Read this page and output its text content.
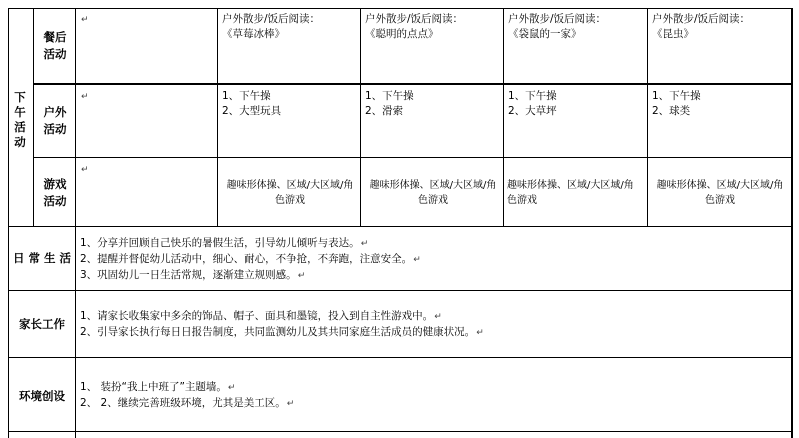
下午活动
餐后活动
户外活动
游戏活动
↵	户外散步/饭后阅读：
《草莓冰棒》
户外散步/饭后阅读：
《聪明的点点》
户外散步/饭后阅读：
《袋鼠的一家》
户外散步/饭后阅读：
《昆虫》
↵	1、下午操
2、大型玩具
1、下午操
2、滑索
1、下午操
2、大草坪
1、下午操
2、球类
↵
趣味形体操、区域/大区域/角
色游戏
趣味形体操、区域/大区域/角
色游戏
趣味形体操、区域/大区域/角
色游戏
趣味形体操、区域/大区域/角
色游戏
日 常 生 活
1、分享并回顾自己快乐的暑假生活，引导幼儿倾听与表达。↵
2、提醒并督促幼儿活动中，细心、耐心，不争抢，不奔跑，注意安全。↵
3、巩固幼儿一日生活常规，逐渐建立规则感。↵
家长工作
1、请家长收集家中多余的饰品、帽子、面具和墨镜，投入到自主性游戏中。↵
2、引导家长执行每日日报告制度，共同监测幼儿及其共同家庭生活成员的健康状况。↵
环境创设
1、 装扮“我上中班了”主题墙。↵
2、 2、继续完善班级环境，尤其是美工区。↵
